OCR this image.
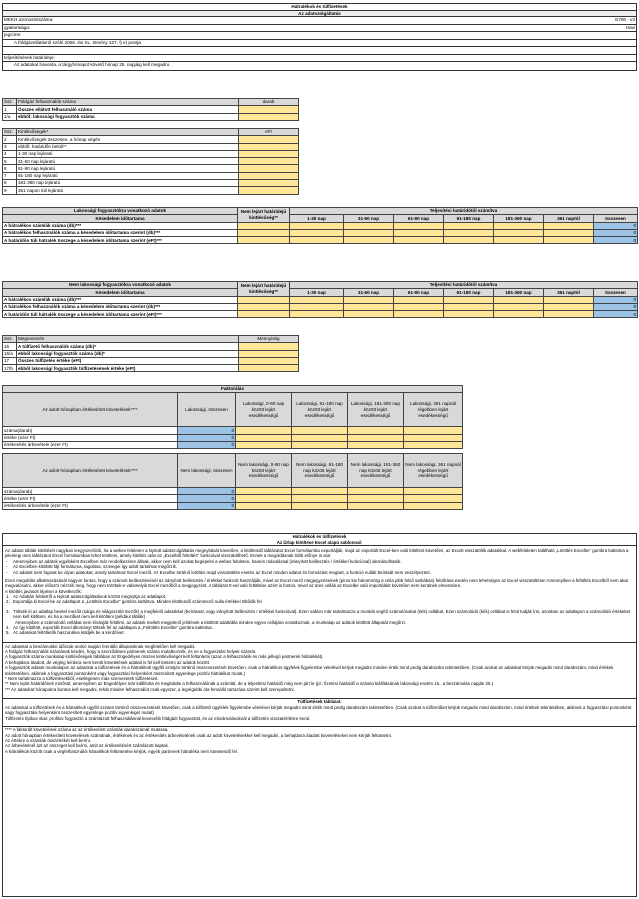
Hátralékok és túlfizetések
Az adatszolgáltatás
MEKH azonosítószáma:	G780 - v3
gyakorisága:	Havi
jogcíme:
A földgázellátásról szóló 2008. évi XL. törvény 127. § e) pontja
teljesítésének határideje:
Az adatokat havonta, a tárgyhónapot követő hónap 25. napjáig kell megadni.
Ssz.	Földgáz felhasználók száma	darab
1	Összes ellátott felhasználó száma	
1/a	ebből: lakossági fogyasztók száma	
Ssz.	Kintlévőségek*	eFt
2	Kintlévőségek összesen, a hónap végén	
3	ebből: határidőn belüli**	
4	1-30 nap lejáratú	
5	31-60 nap lejáratú	
6	61-90 nap lejáratú	
7	91-180 nap lejáratú	
8	181-360 nap lejáratú	
9	361 napon túli lejáratú	
Lakossági fogyasztókra vonatkozó adatok	Nem lejárt határidejű kintlévőség**	Teljesítési határidőtől számítva						
Késedelem időtartama		1-30 nap	31-60 nap	61-90 nap	91-180 nap	181-360 nap	361 naptól	összesen
A hátralékos számlák száma (db)***								0
A hátralékos felhasználók száma a késedelem időtartama szerint (db)***								0
A határidőn túli hátralék összege a késedelem időtartama szerint (eFt)***								0
Nem lakossági fogyasztókra vonatkozó adatok	Nem lejárt határidejű kintlévőség**	Teljesítési határidőtől számítva						
Késedelem időtartama		1-30 nap	31-60 nap	61-90 nap	91-180 nap	181-360 nap	361 naptól	összesen
A hátralékos számlák száma (db)***								0
A hátralékos felhasználók száma a késedelem időtartama szerint (db)***								0
A határidőn túli hátralék összege a késedelem időtartama szerint (eFt)***								0
Ssz.	Megnevezés	Mennyiség
16	A túlfizető felhasználók száma (db)*	
16/a	ebből lakossági fogyasztók száma (db)*	
17	Összes túlfizetés értéke (eFt)	
17/b	ebből lakossági fogyasztók túlfizetésének értéke (eFt)	
Faktorálás					
Az adott hónapban értékesített követelések****	Lakossági, összesen	Lakossági, 0-90 nap között lejárt esedékességű	Lakossági, 91-180 nap között lejárt esedékességű	Lakossági, 181-360 nap között lejárt esedékességű	Lakossági, 361 napnál régebben lejárt esedékességű
száma(darab)	0				
értéke (ezer Ft)	0				
értékesítés árbevétele (ezer Ft)	0				

Az adott hónapban értékesített követelések****	Nem lakossági, összesen	Nem lakossági, 0-90 nap között lejárt esedékességű	Nem lakossági, 91-180 nap között lejárt esedékességű	Nem lakossági, 181-360 nap között lejárt esedékességű	Nem lakossági, 361 napnál régebben lejárt esedékességű
száma(darab)	0				
értéke (ezer Ft)	0				
értékesítés árbevétele (ezer Ft)	0				
Hátralékok és túlfizetések
Az Űrlap kitöltése Excel alapú sablonnal:
Az adatot tábláit kitöltését nagyban leegyszerűsíti, ha a webes felületen a Nyitott adatszolgáltatás megnyitását követően, a kitöltendő táblázatot Excel formátumba exportálják, majd az exportált Excel-ben való kitöltést követően, az Excelt visszatöltik adatokkal. A webfelületen található „Letöltés Excelbe" gombra kattintva a jelenlegi üres táblázatot Excel formátumban lehet letölteni, amely kitöltés után az „Excelből feltöltés" funkcióval visszatölthető. Ennek a megoldásnak több előnye is van:
-	Amennyiben az adatok egyébként Excelben már rendelkezésre állnak, akkor nem kell azokat begépelni a webes felületen, hanem másolással (irányított beillesztés / értékkel funkcióval) idemásolhatók.
-	Az Excelben kitöltött fájl formátuma, tagolása, szövegei így adott tartalmat megőrzik.
-	Az adatok nem fognak be olyan adatokat, amely tartalmaz Excel mezőt. Az Excelbe történő letöltés majd visszatöltés esetén az Excel minden adatot és formázást megtart, a funkció nullák beírását nem veszélyezteti.
Ezen megoldás alkalmazásánál nagyon fontos, hogy a számok beillesztésénél az irányított beillesztés / értékkel funkciót használják, mivel az Excel mező megjegyzéseinek (piros kis háromszög a cella jobb felső sarkában) felülírása esetén nem lehetséges az Excel visszatöltése! Amennyiben a feltöltés Excelből nem akar megvalósulni, akkor először nézzék meg, hogy nem töröltek-e valamelyik Excel mezőből a megjegyzést. A táblázat 0-val való feltöltése azért is fontos, mivel az üres cellák az Excelbe való importálást követően nem kerülnek elmentésre.
A kitöltés javasolt lépései a következők:
1. Az Adattári felületről a Nyitott adatszolgáltatások között megnyitja az adatlapot.
2. Exportálja ki Excel-be az adatlapot a „Letöltés Excelbe" gombra kattintva. Minden kitöltendő számmező nulla értékkel töltődik fel.
3. Töltsék ki az adatlap bevitel mezőit (sárga és világoszöld mezők) a megfelelő adatokkal (beírással, vagy irányított beillesztés / értékkel funkcióval). Ezen sablon már tartalmazza a munkát segítő számolósokat (kék) cellákat. Ezen számolódó (kék) cellákat is felül tudják írni, azonban az adatlapon a számolódó értékeket nem kell kitölteni, és ha a mezőket nem kell kitölteni (például táblák)
Amennyiben a számolódó cellákat nem kívánják felülírni, az adatok mellett megjelenő jelölések a kitöltött adattábla minden egyes cellájára vonatkoznak, a munkalap az adatok kitöltött állapotát megőrzi.
4. Az így kitöltött, exportált Excel állományt töltsék fel az adatlapra a „Feltöltés Excelbe" gombra kattintva.
5. Az adatokat feltöltetők haszonálva küldjék be a kérdőívet.
Az adatokat a beszámolási időszak utolsó napján fennálló állapotoknak megfelelően kell megadni.
A földgáz felhasználók számának kérdés, hogy a szerződéses partnerek száma mutatkozzék, és ne a fogyasztási helyek számát.
A fogyasztók száma munkalap kintlévőségek táblában az Engedélyes összes kintlévőségét kell feltüntetni (azaz a felhasználók és más jellegű partnerek hátralékát).
A behajtásra átadott, de végleg leírásra nem került követelések adatait is fel kell tüntetni az adatok között.
A fogyasztók adatok munkalapon az adatokat a túlfizetések és a hátralékok ügyfél szintjén történő összevezetését követően, csak a hátralékos ügyfelek figyelembe vételével kérjük megadni minden érték mind pedig darabszám tekintetében. (Csak azokat az adatokat kérjük megadni mind darabszám, mind értékek tekintetében, akiknek a fogyasztási pontonként vagy fogyasztási helyenként összesített egyenlege pozitív hátralékot mutat.)
* Nem tartalmazza a túlfizetésekből, esetlegesen más szervezetek túlfizetéseit.
** Nem lejárt határidőnek minősül, amennyiben az Engedélyes már kiállította és megküldte a felhasználónak a számlát, de a teljesítési határidő még nem járt le (pl.: fizetési határidő a számla kiállításának lakossági esetén 15., a beszámolás napján 25.)
*** Az adatokat hónapokra bontva kell megadni, tehát minden felhasználót csak egyszer, a legrégebbi óta fennálló tartozása szerint kell szerepeltetni.
Túlfizetések táblázat:
Az adatokat a túlfizetések és a hátralékok ügyfél szinten történő összevezetését követően, csak a túlfizető ügyfelek figyelembe vételével kérjük megadni mind érték mind pedig darabszám tekintetében. (Csak azokat a túlfizetőket kérjük megadni mind darabszám, mind értékek tekintetében, akiknek a fogyasztási pontonként vagy fogyasztási helyenként összesített egyenlege pozitív egyenleget mutat)
Túlfizetés típikus okai: profilos fogyasztó a számlázott felhasználásnál kevesebb földgázt fogyasztott, és az elszámolásoknál a túlfizetés visszatérítésre kerül.
**** A faktorált követelések száma az az értékesített számlák darabszámát mutassa.
Az adott hónapban értékesített követelések számának, értékének és az értékesítés árbevételének csak az adott követelésekkel kell megadni, a behajtásra átadott követeléseket nem kérjük feltüntetni.
Az értékre a számlák összértékét kell beírni.
Az árbevételnél azt az összeget kell beírni, amit az értékesítésért számlázott kaptak.
A hátralékok között csak a végfelhasználói hátralékok feltüntetése kérjük, egyéb partnerek hátraléka nem tüntetendő fel.
